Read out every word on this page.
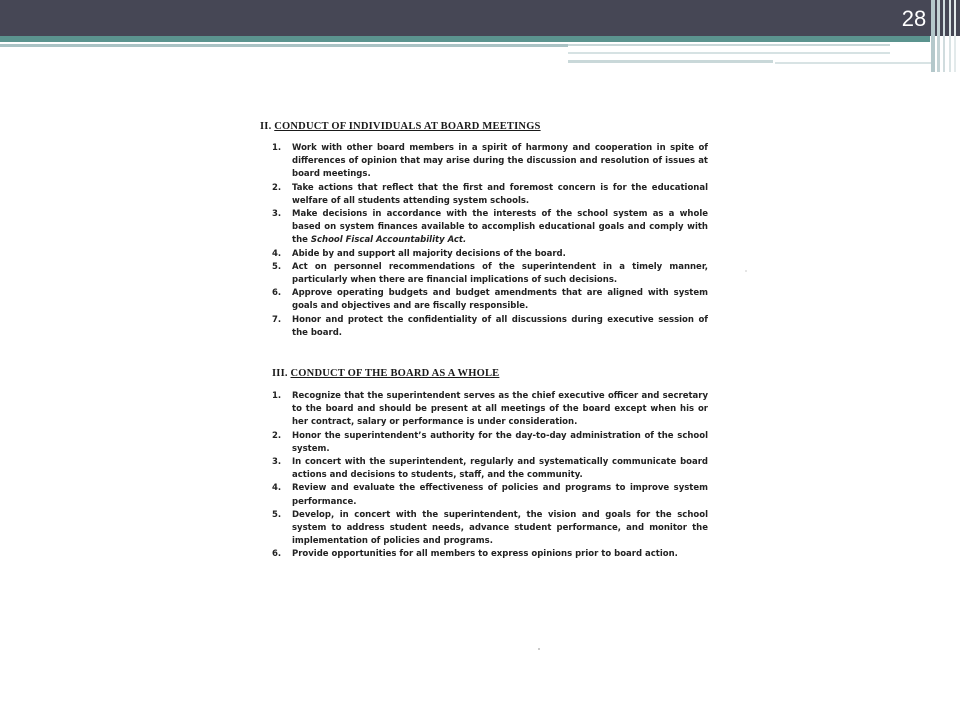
28

II. CONDUCT OF INDIVIDUALS AT BOARD MEETINGS

1.	Work with other board members in a spirit of harmony and cooperation in spite of differences of opinion that may arise during the discussion and resolution of issues at board meetings.
2.	Take actions that reflect that the first and foremost concern is for the educational welfare of all students attending system schools.
3.	Make decisions in accordance with the interests of the school system as a whole based on system finances available to accomplish educational goals and comply with the School Fiscal Accountability Act.
4.	Abide by and support all majority decisions of the board.
5.	Act on personnel recommendations of the superintendent in a timely manner, particularly when there are financial implications of such decisions.
6.	Approve operating budgets and budget amendments that are aligned with system goals and objectives and are fiscally responsible.
7.	Honor and protect the confidentiality of all discussions during executive session of the board.

III. CONDUCT OF THE BOARD AS A WHOLE

1.	Recognize that the superintendent serves as the chief executive officer and secretary to the board and should be present at all meetings of the board except when his or her contract, salary or performance is under consideration.
2.	Honor the superintendent’s authority for the day-to-day administration of the school system.
3.	In concert with the superintendent, regularly and systematically communicate board actions and decisions to students, staff, and the community.
4.	Review and evaluate the effectiveness of policies and programs to improve system performance.
5.	Develop, in concert with the superintendent, the vision and goals for the school system to address student needs, advance student performance, and monitor the implementation of policies and programs.
6.	Provide opportunities for all members to express opinions prior to board action.
